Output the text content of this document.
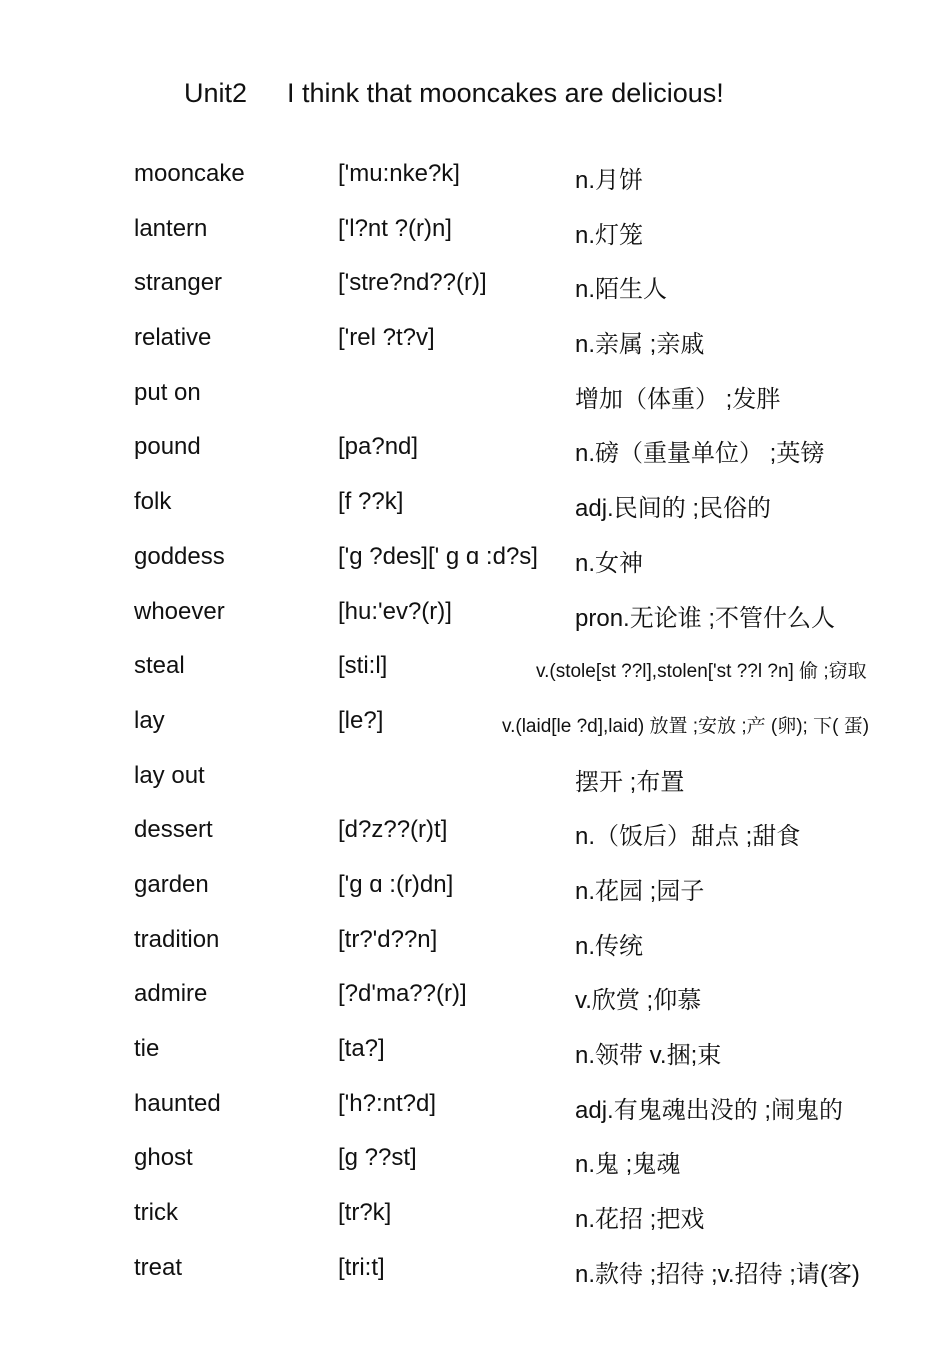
Unit2 I think that mooncakes are delicious!
mooncake	['mu:nke?k]	n.月饼
lantern	['l?nt ?(r)n]	n.灯笼
stranger	['stre?nd??(r)]	n.陌生人
relative	['rel ?t?v]	n.亲属 ;亲戚
put on	增加（体重） ;发胖
pound	[pa?nd]	n.磅（重量单位） ;英镑
folk	[f ??k]	adj.民间的 ;民俗的
goddess	['ɡ ?des][' ɡ ɑ :d?s] n.女神
whoever	[hu:'ev?(r)]	pron.无论谁 ;不管什么人
steal	[sti:l]	v.(stole[st ??l],stolen['st ??l ?n] 偷 ;窃取
lay	[le?]	v.(laid[le ?d],laid) 放置 ;安放 ;产 (卵); 下( 蛋)
lay out	摆开 ;布置
dessert	[d?z??(r)t]	n.（饭后）甜点 ;甜食
garden	['ɡ ɑ :(r)dn]	n.花园 ;园子
tradition	[tr?'d??n]	n.传统
admire	[?d'ma??(r)]	v.欣赏 ;仰慕
tie	[ta?]	n.领带 v.捆;束
haunted	['h?:nt?d]	adj.有鬼魂出没的 ;闹鬼的
ghost	[ɡ ??st]	n.鬼 ;鬼魂
trick	[tr?k]	n.花招 ;把戏
treat	[tri:t]	n.款待 ;招待 ;v.招待 ;请(客)
